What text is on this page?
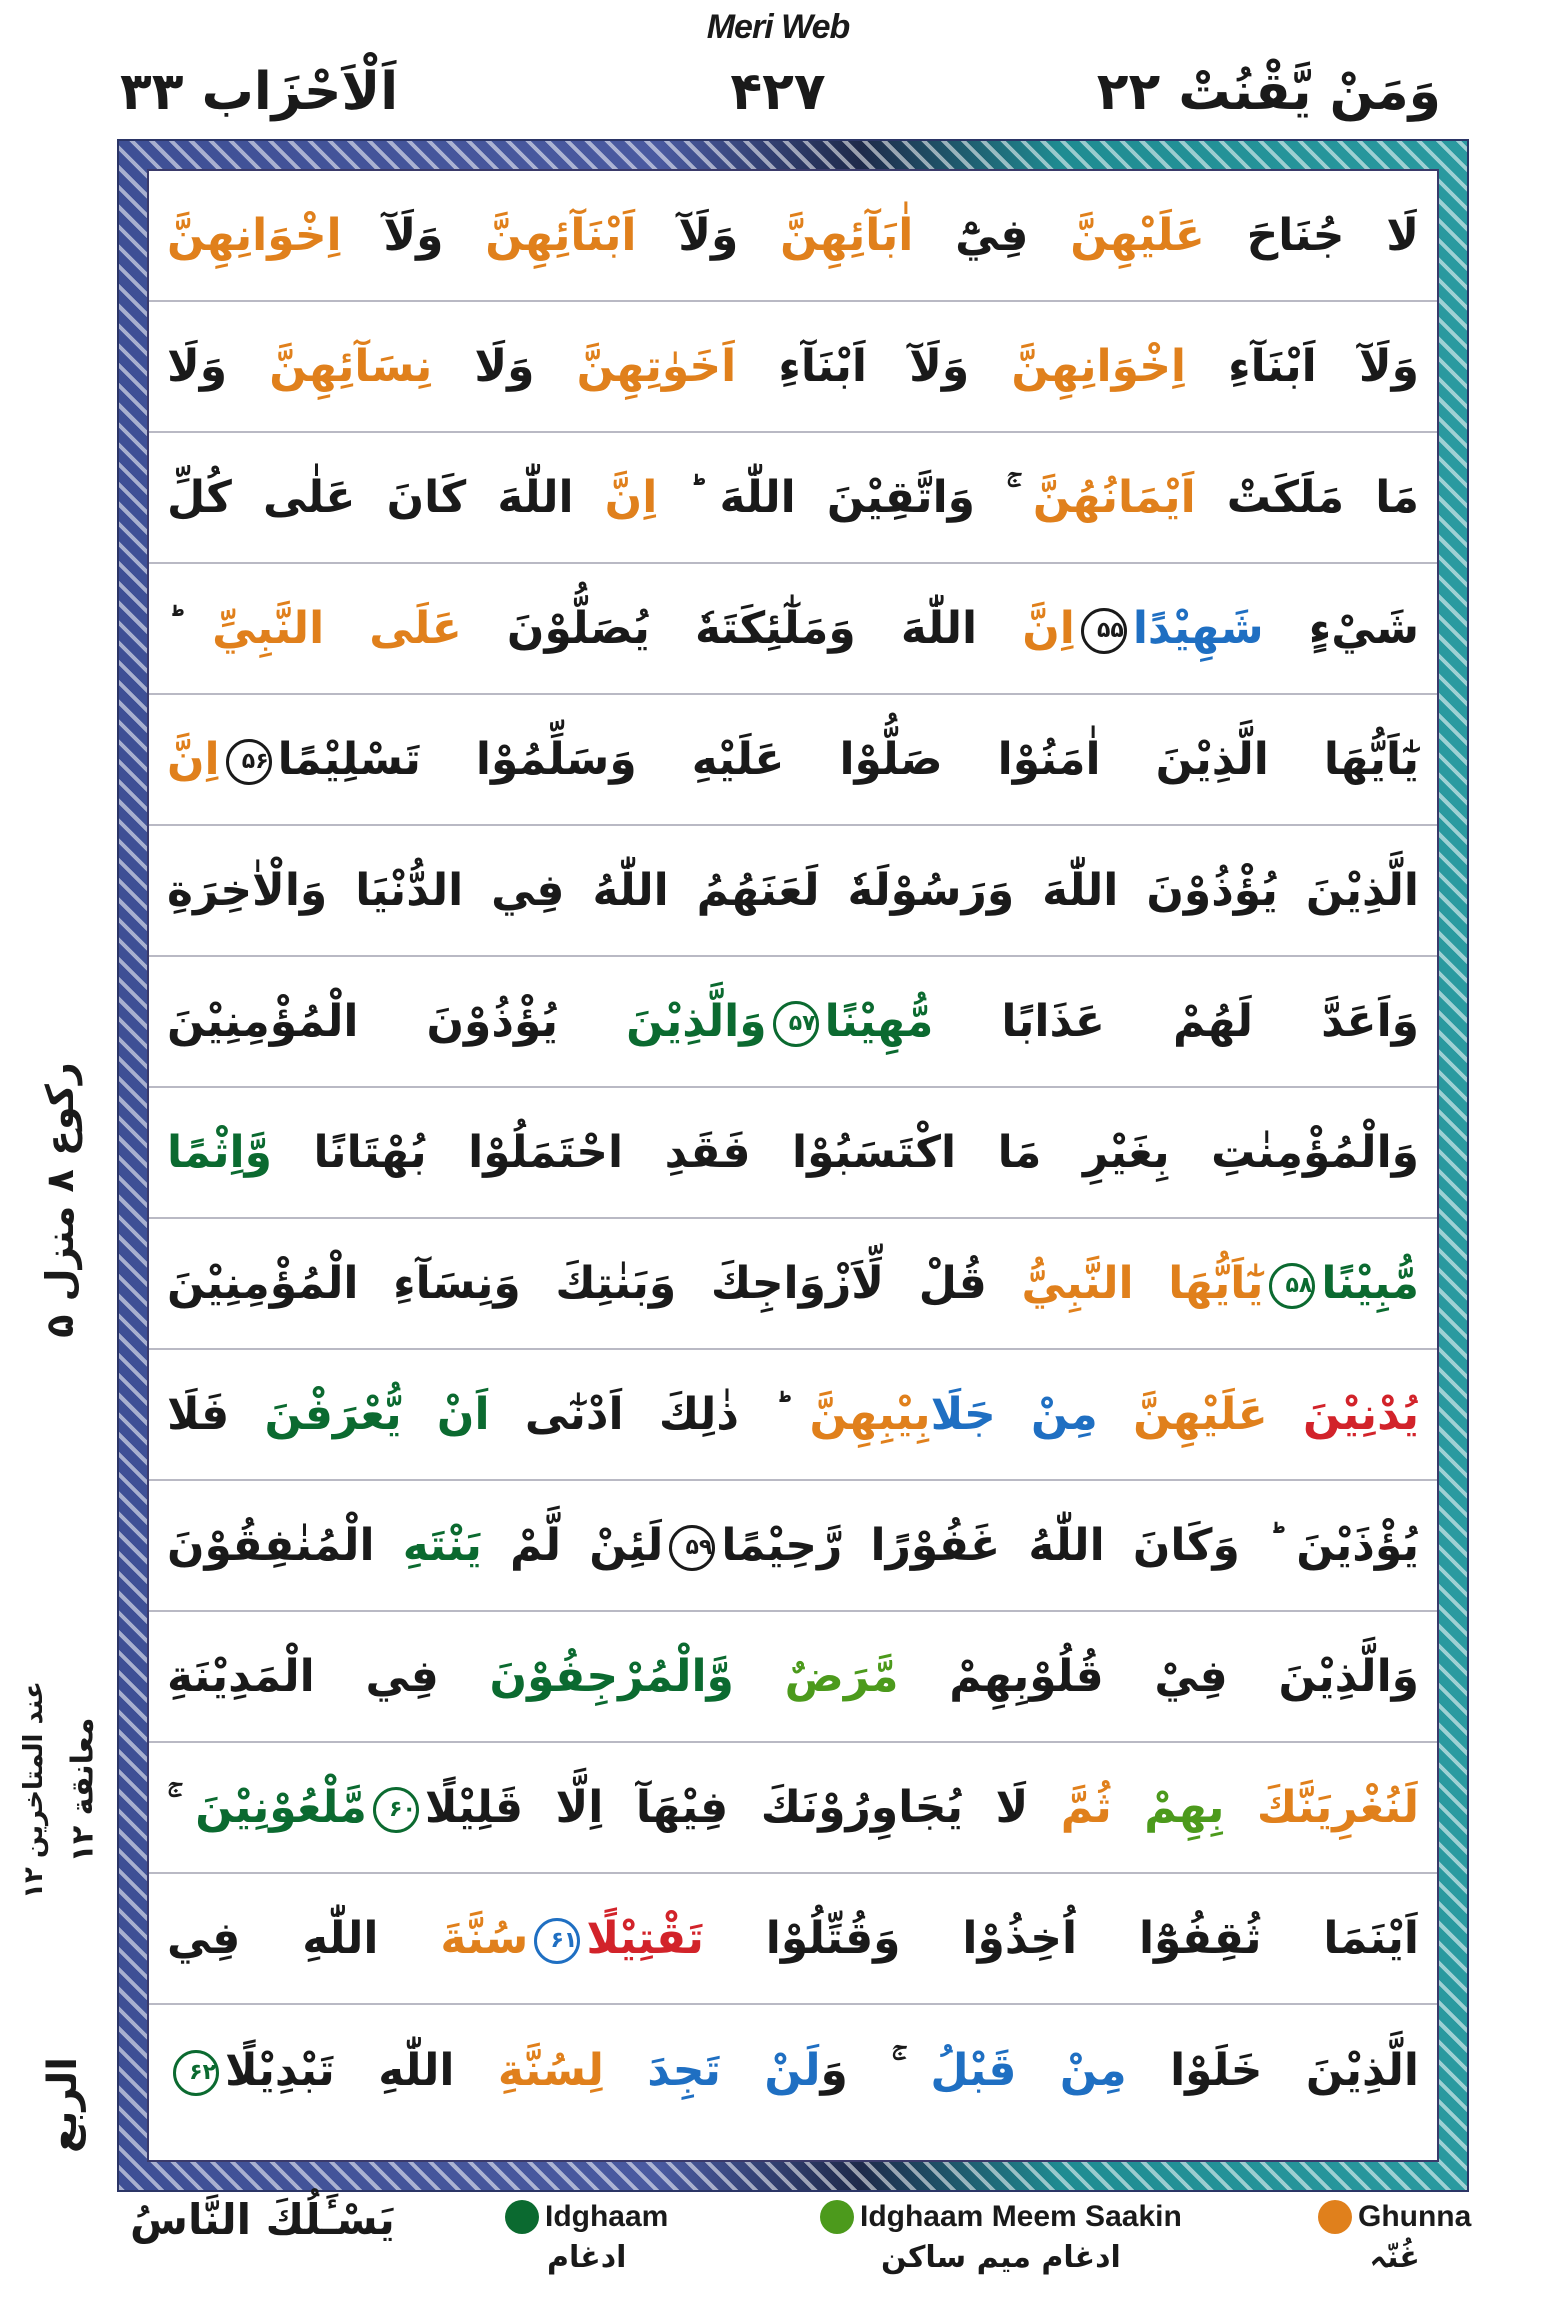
Meri Web
وَمَنْ يَّقْنُتْ ۲۲
۴۲۷
اَلْاَحْزَاب ۳۳
لَا جُنَاحَ عَلَيْهِنَّ فِيْٓ اٰبَآئِهِنَّ وَلَآ اَبْنَآئِهِنَّ وَلَآ اِخْوَانِهِنَّ
وَلَآ اَبْنَآءِ اِخْوَانِهِنَّ وَلَآ اَبْنَآءِ اَخَوٰتِهِنَّ وَلَا نِسَآئِهِنَّ وَلَا
مَا مَلَكَتْ اَيْمَانُهُنَّ ۚ وَاتَّقِيْنَ اللّٰهَ ؕ اِنَّ اللّٰهَ كَانَ عَلٰى كُلِّ
شَيْءٍ شَهِيْدًا۵۵اِنَّ اللّٰهَ وَمَلٰٓئِكَتَهٗ يُصَلُّوْنَ عَلَى النَّبِيِّ ؕ
يٰٓاَيُّهَا الَّذِيْنَ اٰمَنُوْا صَلُّوْا عَلَيْهِ وَسَلِّمُوْا تَسْلِيْمًا۵۶اِنَّ
الَّذِيْنَ يُؤْذُوْنَ اللّٰهَ وَرَسُوْلَهٗ لَعَنَهُمُ اللّٰهُ فِي الدُّنْيَا وَالْاٰخِرَةِ
وَاَعَدَّ لَهُمْ عَذَابًا مُّهِيْنًا۵۷وَالَّذِيْنَ يُؤْذُوْنَ الْمُؤْمِنِيْنَ
وَالْمُؤْمِنٰتِ بِغَيْرِ مَا اكْتَسَبُوْا فَقَدِ احْتَمَلُوْا بُهْتَانًا وَّاِثْمًا
مُّبِيْنًا۵۸يٰٓاَيُّهَا النَّبِيُّ قُلْ لِّاَزْوَاجِكَ وَبَنٰتِكَ وَنِسَآءِ الْمُؤْمِنِيْنَ
يُدْنِيْنَ عَلَيْهِنَّ مِنْ جَلَابِيْبِهِنَّ ؕ ذٰلِكَ اَدْنٰٓى اَنْ يُّعْرَفْنَ فَلَا
يُؤْذَيْنَ ؕ وَكَانَ اللّٰهُ غَفُوْرًا رَّحِيْمًا۵۹لَئِنْ لَّمْ يَنْتَهِ الْمُنٰفِقُوْنَ
وَالَّذِيْنَ فِيْ قُلُوْبِهِمْ مَّرَضٌ وَّالْمُرْجِفُوْنَ فِي الْمَدِيْنَةِ
لَنُغْرِيَنَّكَ بِهِمْ ثُمَّ لَا يُجَاوِرُوْنَكَ فِيْهَآ اِلَّا قَلِيْلًا۶۰مَّلْعُوْنِيْنَ ۚ
اَيْنَمَا ثُقِفُوْٓا اُخِذُوْا وَقُتِّلُوْا تَقْتِيْلًا۶۱سُنَّةَ اللّٰهِ فِي
الَّذِيْنَ خَلَوْا مِنْ قَبْلُ ۚ وَلَنْ تَجِدَ لِسُنَّةِ اللّٰهِ تَبْدِيْلًا۶۲
رکوع ۸ منزل ۵
معانقة ۱۲
عند المتاخرين ۱۲
الربع
يَسْـَٔلُكَ النَّاسُ	Idghaam
ادغام
Idghaam Meem Saakin
ادغام میم ساکن
Ghunna
غُنّہ
